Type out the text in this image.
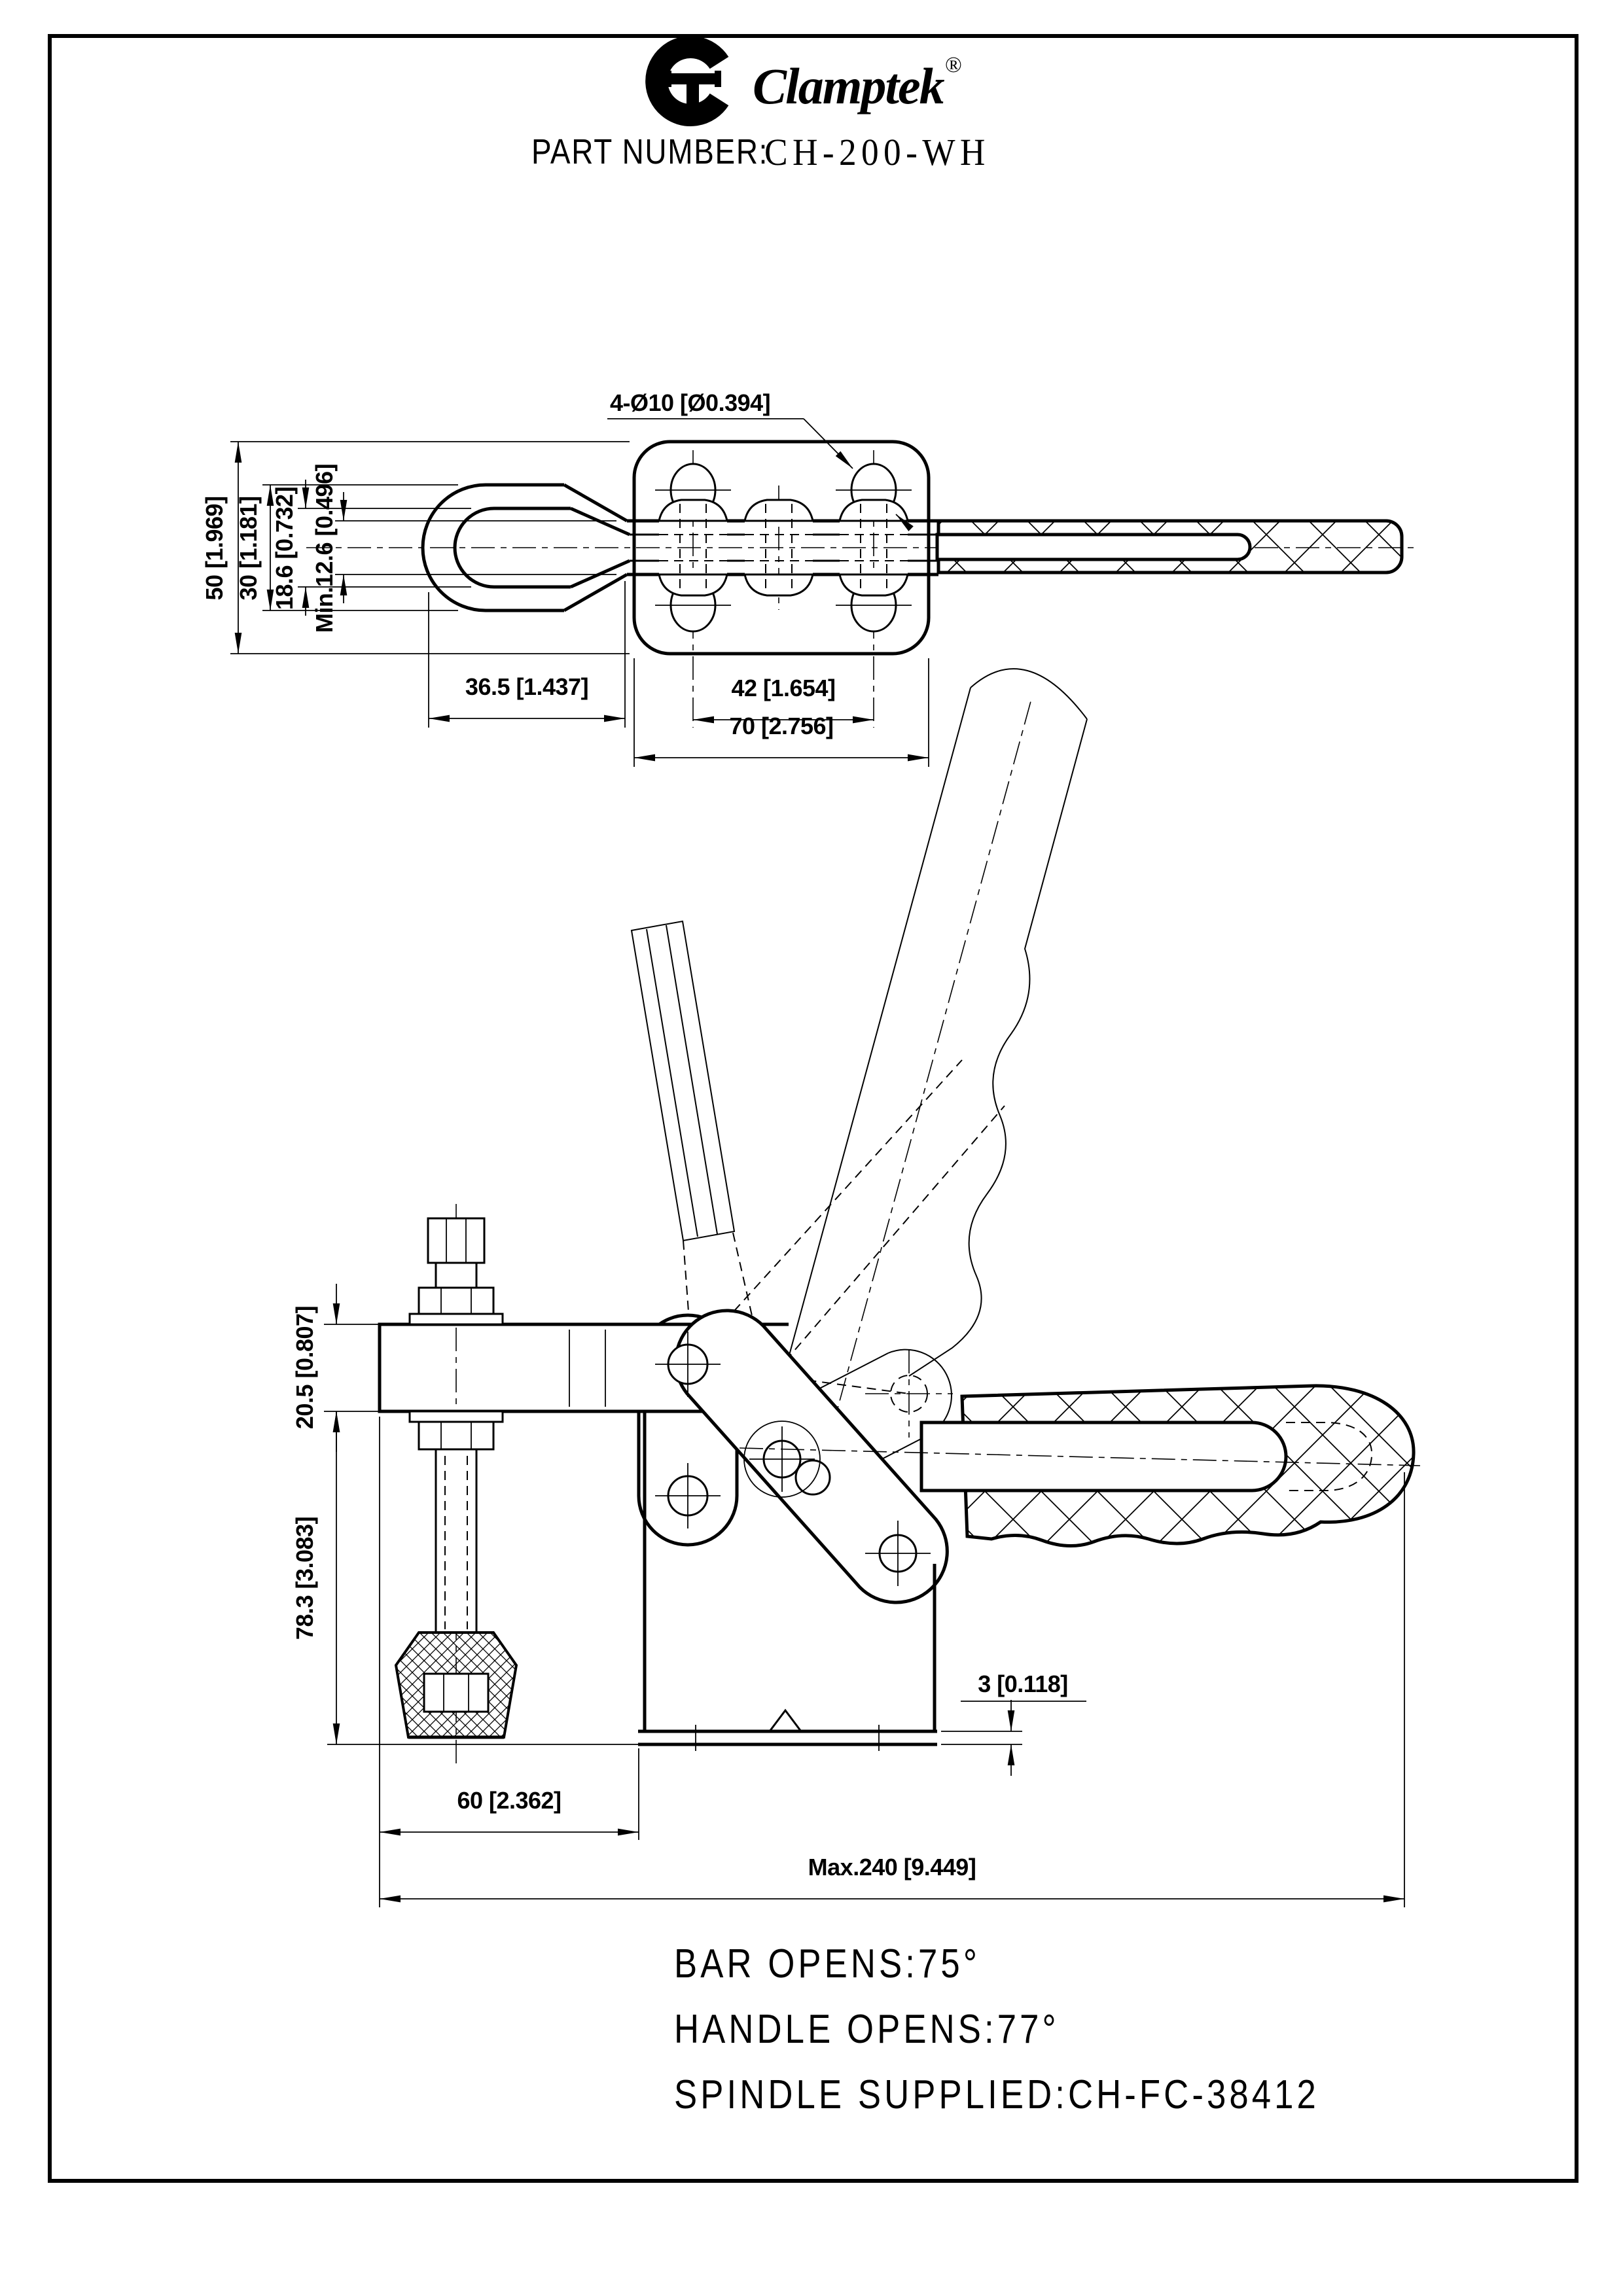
Clamptek ®
PART NUMBER:
CH-200-WH
50 [1.969] 30 [1.181] 18.6 [0.732] Min.12.6 [0.496]
36.5 [1.437]	42 [1.654]
70 [2.756]
4-Ø10 [Ø0.394]
20.5 [0.807]
78.3 [3.083]
60 [2.362]
Max.240 [9.449]
3 [0.118]
BAR OPENS:75°
HANDLE OPENS:77°
SPINDLE SUPPLIED:CH-FC-38412
